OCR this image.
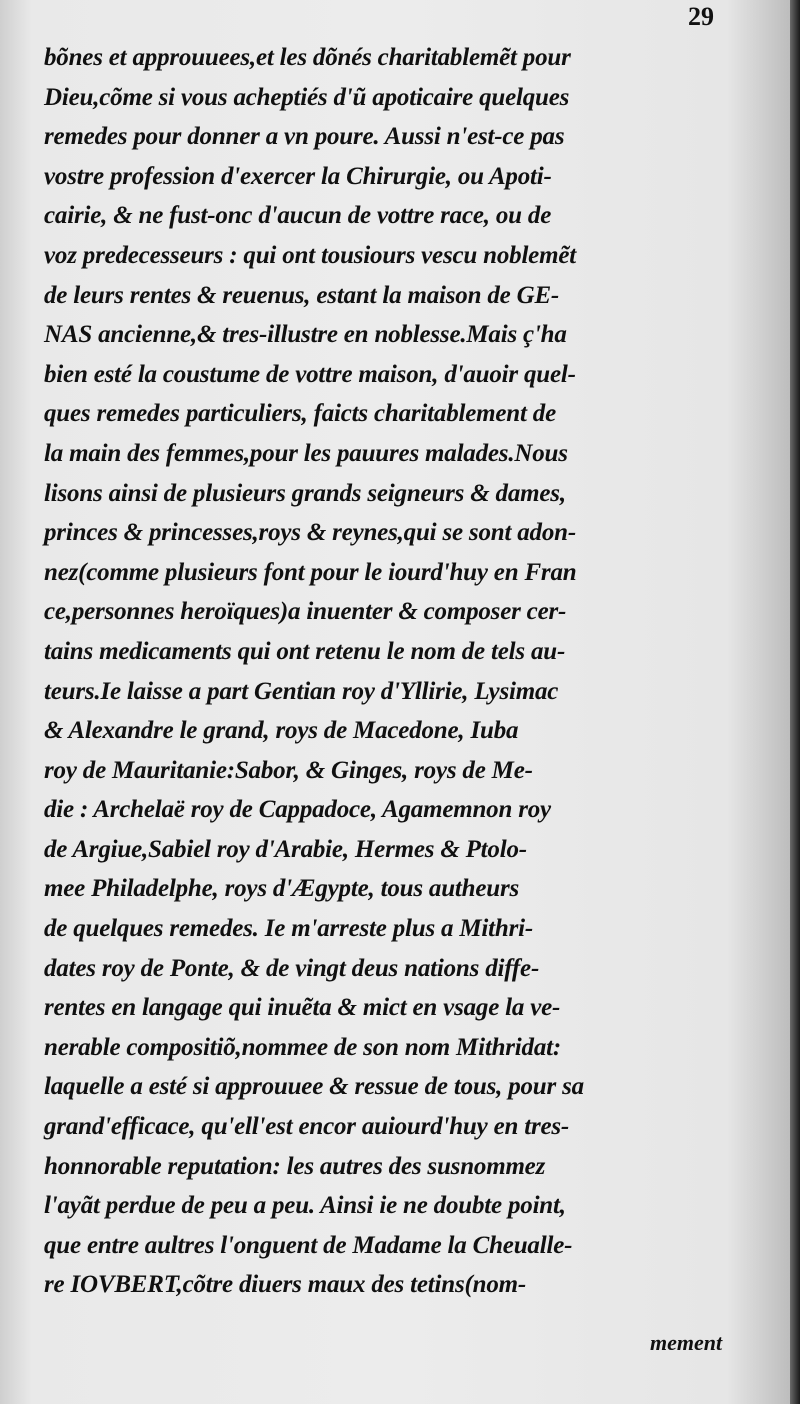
29
bõnes et approuuees,et les dõnés charitablemẽt pour
Dieu,cõme si vous acheptiés d'ũ apoticaire quelques
remedes pour donner a vn poure. Aussi n'est-ce pas
vostre profession d'exercer la Chirurgie, ou Apoti-
cairie, & ne fust-onc d'aucun de vottre race, ou de
voz predecesseurs : qui ont tousiours vescu noblemẽt
de leurs rentes & reuenus, estant la maison de GE-
NAS ancienne,& tres-illustre en noblesse.Mais ç'ha
bien esté la coustume de vottre maison, d'auoir quel-
ques remedes particuliers, faicts charitablement de
la main des femmes,pour les pauures malades.Nous
lisons ainsi de plusieurs grands seigneurs & dames,
princes & princesses,roys & reynes,qui se sont adon-
nez(comme plusieurs font pour le iourd'huy en Fran
ce,personnes heroïques)a inuenter & composer cer-
tains medicaments qui ont retenu le nom de tels au-
teurs.Ie laisse a part Gentian roy d'Yllirie, Lysimac
& Alexandre le grand, roys de Macedone, Iuba
roy de Mauritanie:Sabor, & Ginges, roys de Me-
die : Archelaë roy de Cappadoce, Agamemnon roy
de Argiue,Sabiel roy d'Arabie, Hermes & Ptolo-
mee Philadelphe, roys d'Ægypte, tous autheurs
de quelques remedes. Ie m'arreste plus a Mithri-
dates roy de Ponte, & de vingt deus nations diffe-
rentes en langage qui inuẽta & mict en vsage la ve-
nerable compositiõ,nommee de son nom Mithridat:
laquelle a esté si approuuee & ressue de tous, pour sa
grand'efficace, qu'ell'est encor auiourd'huy en tres-
honnorable reputation: les autres des susnommez
l'ayãt perdue de peu a peu. Ainsi ie ne doubte point,
que entre aultres l'onguent de Madame la Cheualle-
re IOVBERT,cõtre diuers maux des tetins(nom-
mement
